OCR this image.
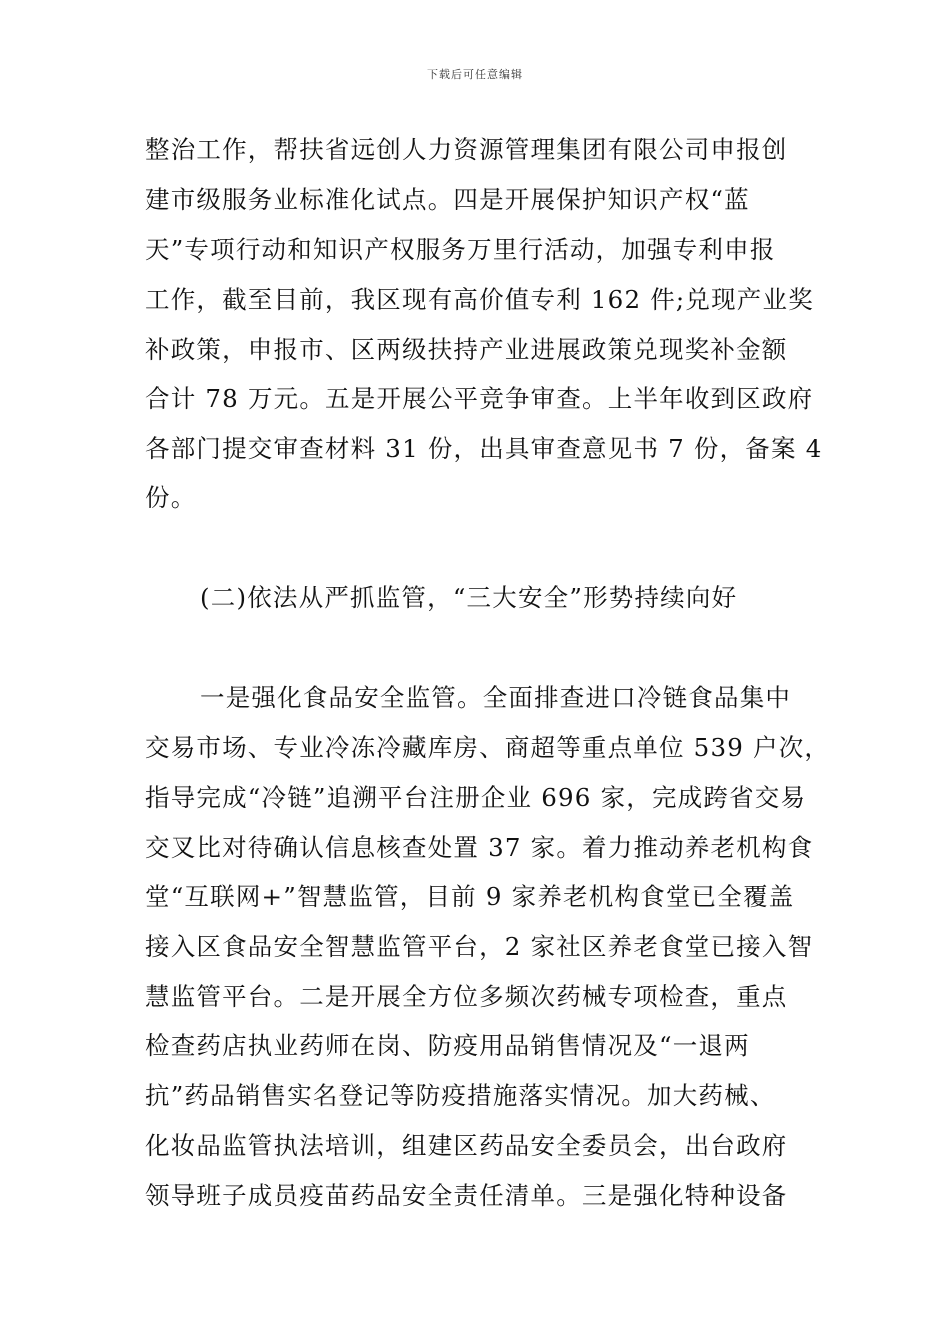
下载后可任意编辑
整治工作，帮扶省远创人力资源管理集团有限公司申报创
建市级服务业标准化试点。四是开展保护知识产权“蓝
天”专项行动和知识产权服务万里行活动，加强专利申报
工作，截至目前，我区现有高价值专利 162 件;兑现产业奖
补政策，申报市、区两级扶持产业进展政策兑现奖补金额
合计 78 万元。五是开展公平竞争审查。上半年收到区政府
各部门提交审查材料 31 份，出具审查意见书 7 份，备案 4
份。
(二)依法从严抓监管，“三大安全”形势持续向好
一是强化食品安全监管。全面排查进口冷链食品集中
交易市场、专业冷冻冷藏库房、商超等重点单位 539 户次，
指导完成“冷链”追溯平台注册企业 696 家，完成跨省交易
交叉比对待确认信息核查处置 37 家。着力推动养老机构食
堂“互联网+”智慧监管，目前 9 家养老机构食堂已全覆盖
接入区食品安全智慧监管平台，2 家社区养老食堂已接入智
慧监管平台。二是开展全方位多频次药械专项检查，重点
检查药店执业药师在岗、防疫用品销售情况及“一退两
抗”药品销售实名登记等防疫措施落实情况。加大药械、
化妆品监管执法培训，组建区药品安全委员会，出台政府
领导班子成员疫苗药品安全责任清单。三是强化特种设备
